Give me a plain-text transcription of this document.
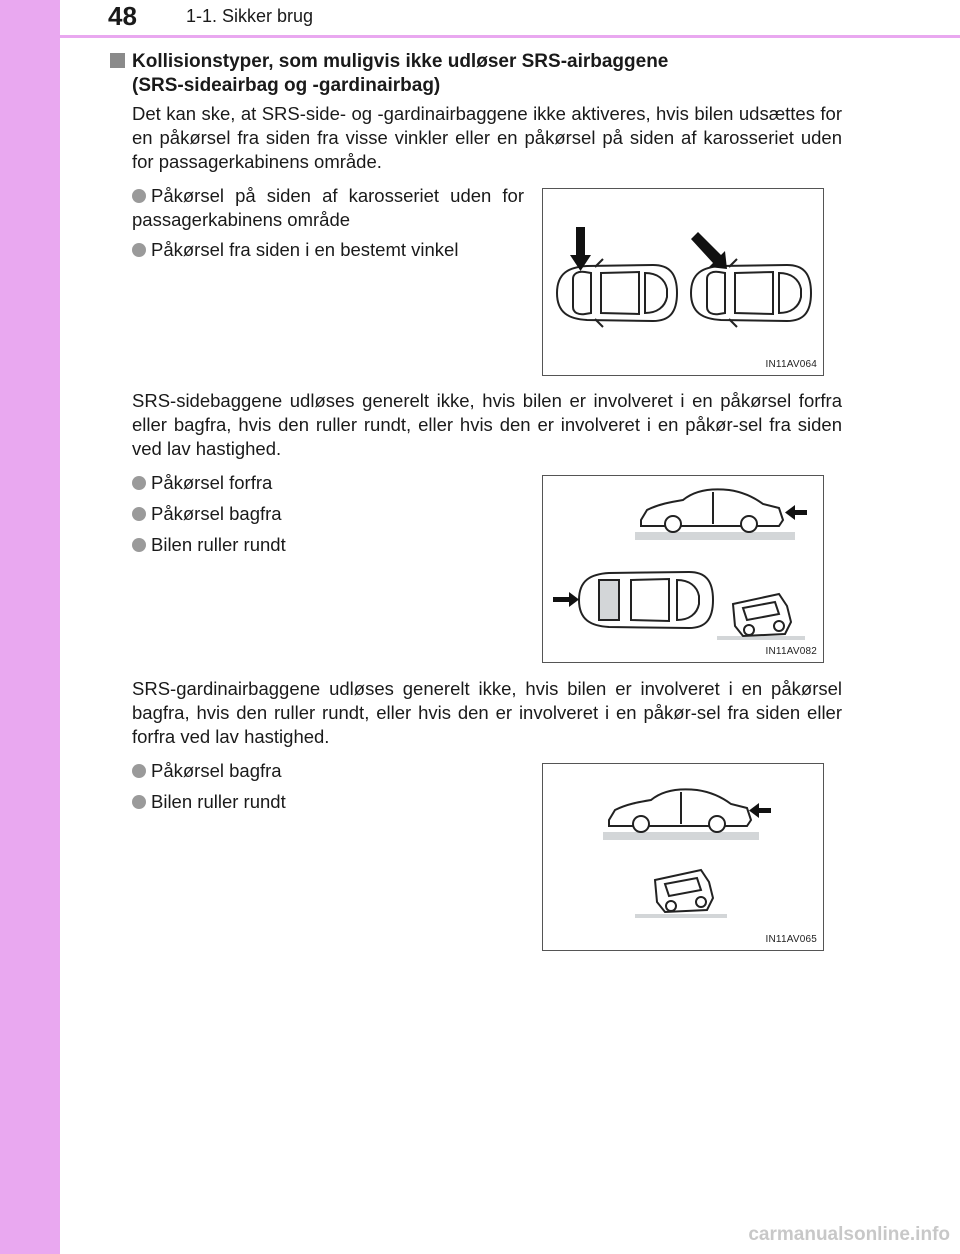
48	1-1. Sikker brug
Kollisionstyper, som muligvis ikke udløser SRS-airbaggene
(SRS-sideairbag og -gardinairbag)
Det kan ske, at SRS-side- og -gardinairbaggene ikke aktiveres, hvis bilen udsættes for en påkørsel fra siden fra visse vinkler eller en påkørsel på siden af karosseriet uden for passagerkabinens område.
Påkørsel på siden af karosseriet uden for passagerkabinens område
Påkørsel fra siden i en bestemt vinkel
IN11AV064
SRS-sidebaggene udløses generelt ikke, hvis bilen er involveret i en påkørsel forfra eller bagfra, hvis den ruller rundt, eller hvis den er involveret i en påkør-sel fra siden ved lav hastighed.
Påkørsel forfra
Påkørsel bagfra
Bilen ruller rundt
IN11AV082
SRS-gardinairbaggene udløses generelt ikke, hvis bilen er involveret i en påkørsel bagfra, hvis den ruller rundt, eller hvis den er involveret i en påkør-sel fra siden eller forfra ved lav hastighed.
Påkørsel bagfra
Bilen ruller rundt
IN11AV065
carmanualsonline.info
